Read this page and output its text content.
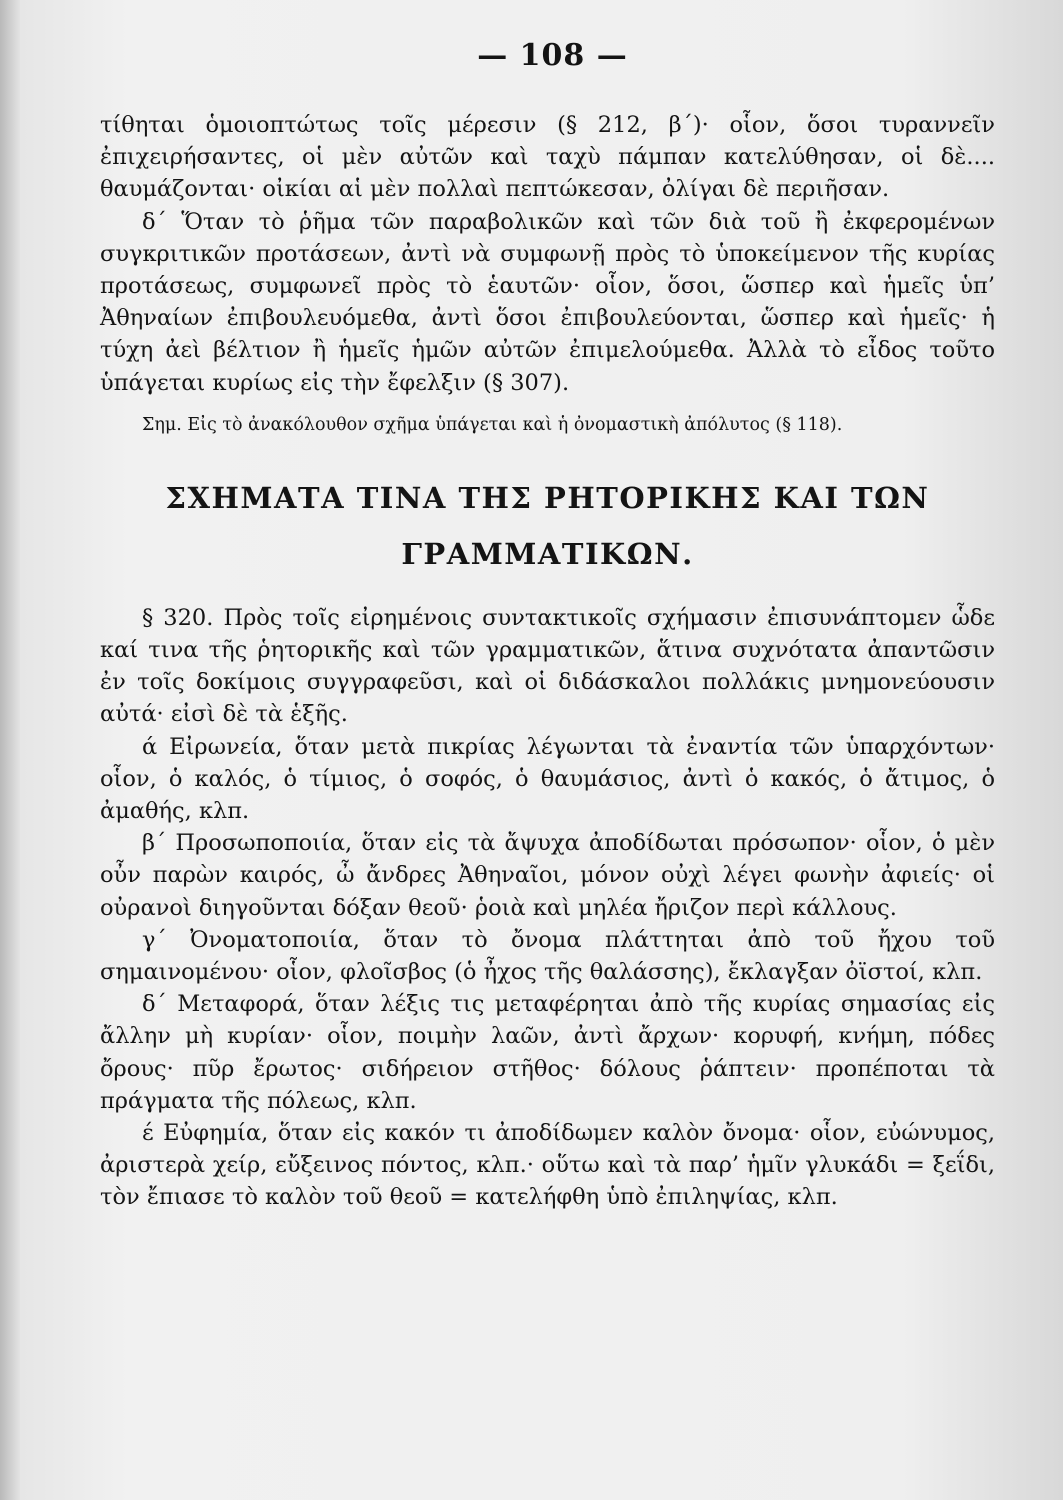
— 108 —

τίθηται ὁμοιοπτώτως τοῖς μέρεσιν (§ 212, β΄)· οἷον, ὅσοι τυραννεῖν ἐπιχειρήσαντες, οἱ μὲν αὐτῶν καὶ ταχὺ πάμπαν κατελύθησαν, οἱ δὲ.... θαυμάζονται· οἰκίαι αἱ μὲν πολλαὶ πεπτώκεσαν, ὀλίγαι δὲ περιῆσαν.

δ΄ Ὅταν τὸ ῥῆμα τῶν παραβολικῶν καὶ τῶν διὰ τοῦ ἢ ἐκφερομένων συγκριτικῶν προτάσεων, ἀντὶ νὰ συμφωνῇ πρὸς τὸ ὑποκείμενον τῆς κυρίας προτάσεως, συμφωνεῖ πρὸς τὸ ἑαυτῶν· οἷον, ὅσοι, ὥσπερ καὶ ἡμεῖς ὑπ’ Ἀθηναίων ἐπιβουλευόμεθα, ἀντὶ ὅσοι ἐπιβουλεύονται, ὥσπερ καὶ ἡμεῖς· ἡ τύχη ἀεὶ βέλτιον ἢ ἡμεῖς ἡμῶν αὐτῶν ἐπιμελούμεθα. Ἀλλὰ τὸ εἶδος τοῦτο ὑπάγεται κυρίως εἰς τὴν ἔφελξιν (§ 307).

Σημ. Εἰς τὸ ἀνακόλουθον σχῆμα ὑπάγεται καὶ ἡ ὀνομαστικὴ ἀπόλυτος (§ 118).

ΣΧΗΜΑΤΑ ΤΙΝΑ ΤΗΣ ΡΗΤΟΡΙΚΗΣ ΚΑΙ ΤΩΝ
ΓΡΑΜΜΑΤΙΚΩΝ.

§ 320. Πρὸς τοῖς εἰρημένοις συντακτικοῖς σχήμασιν ἐπισυνάπτομεν ὧδε καί τινα τῆς ῥητορικῆς καὶ τῶν γραμματικῶν, ἅτινα συχνότατα ἀπαντῶσιν ἐν τοῖς δοκίμοις συγγραφεῦσι, καὶ οἱ διδάσκαλοι πολλάκις μνημονεύουσιν αὐτά· εἰσὶ δὲ τὰ ἑξῆς.

ά Εἰρωνεία, ὅταν μετὰ πικρίας λέγωνται τὰ ἐναντία τῶν ὑπαρχόντων· οἷον, ὁ καλός, ὁ τίμιος, ὁ σοφός, ὁ θαυμάσιος, ἀντὶ ὁ κακός, ὁ ἄτιμος, ὁ ἀμαθής, κλπ.

β΄ Προσωποποιία, ὅταν εἰς τὰ ἄψυχα ἀποδίδωται πρόσωπον· οἷον, ὁ μὲν οὖν παρὼν καιρός, ὦ ἄνδρες Ἀθηναῖοι, μόνον οὐχὶ λέγει φωνὴν ἀφιείς· οἱ οὐρανοὶ διηγοῦνται δόξαν θεοῦ· ῥοιὰ καὶ μηλέα ἤριζον περὶ κάλλους.

γ΄ Ὀνοματοποιία, ὅταν τὸ ὄνομα πλάττηται ἀπὸ τοῦ ἤχου τοῦ σημαινομένου· οἷον, φλοῖσβος (ὁ ἦχος τῆς θαλάσσης), ἔκλαγξαν ὀϊστοί, κλπ.

δ΄ Μεταφορά, ὅταν λέξις τις μεταφέρηται ἀπὸ τῆς κυρίας σημασίας εἰς ἄλλην μὴ κυρίαν· οἷον, ποιμὴν λαῶν, ἀντὶ ἄρχων· κορυφή, κνήμη, πόδες ὄρους· πῦρ ἔρωτος· σιδήρειον στῆθος· δόλους ῥάπτειν· προπέποται τὰ πράγματα τῆς πόλεως, κλπ.

έ Εὐφημία, ὅταν εἰς κακόν τι ἀποδίδωμεν καλὸν ὄνομα· οἷον, εὐώνυμος, ἀριστερὰ χείρ, εὔξεινος πόντος, κλπ.· οὕτω καὶ τὰ παρ’ ἡμῖν γλυκάδι = ξεΐδι, τὸν ἔπιασε τὸ καλὸν τοῦ θεοῦ = κατελήφθη ὑπὸ ἐπιληψίας, κλπ.
